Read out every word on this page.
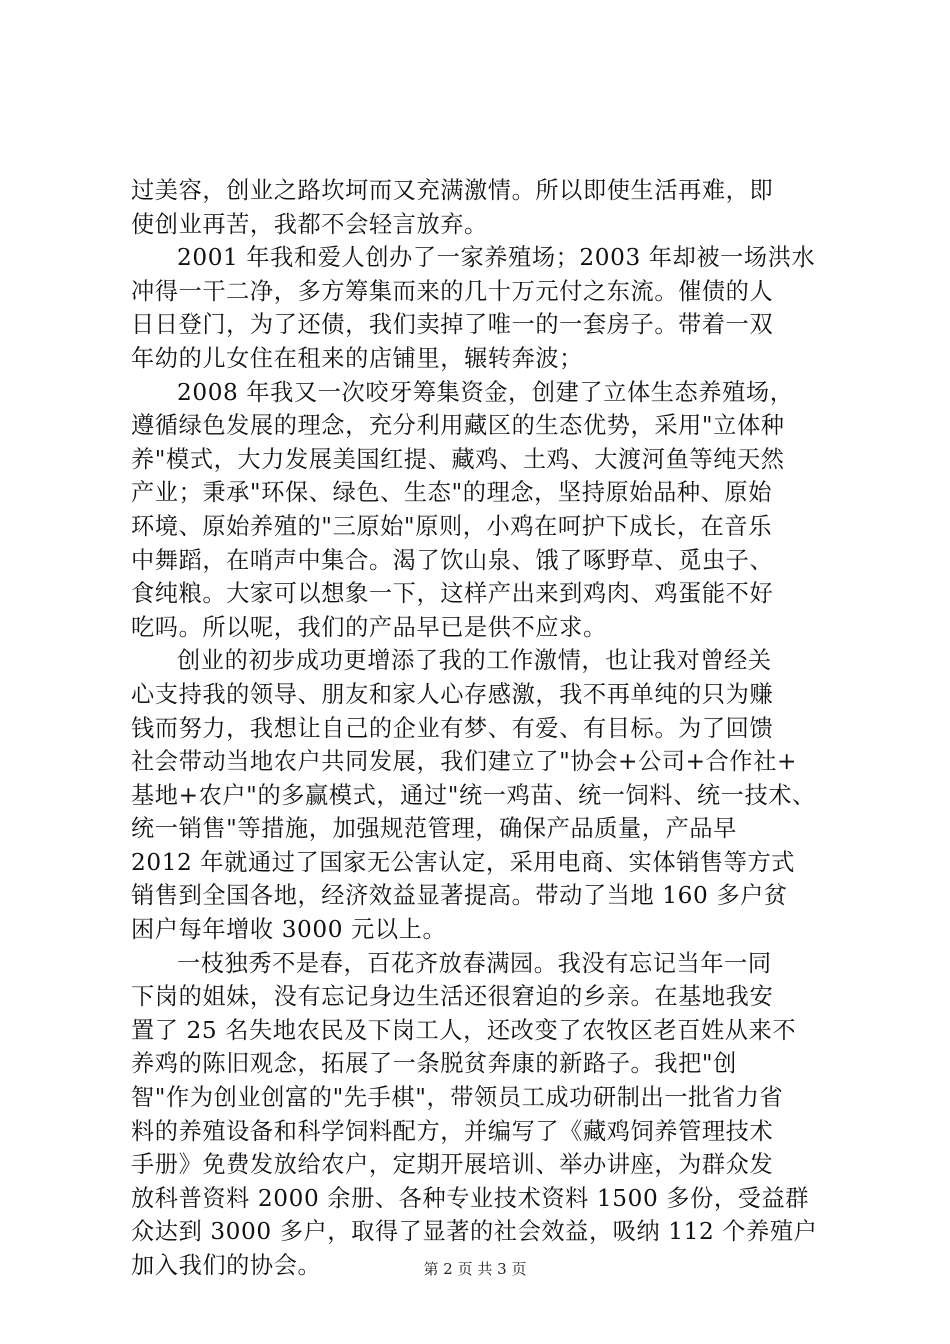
过美容，创业之路坎坷而又充满激情。所以即使生活再难，即
使创业再苦，我都不会轻言放弃。
2001 年我和爱人创办了一家养殖场；2003 年却被一场洪水
冲得一干二净，多方筹集而来的几十万元付之东流。催债的人
日日登门，为了还债，我们卖掉了唯一的一套房子。带着一双
年幼的儿女住在租来的店铺里，辗转奔波；
2008 年我又一次咬牙筹集资金，创建了立体生态养殖场，
遵循绿色发展的理念，充分利用藏区的生态优势，采用"立体种
养"模式，大力发展美国红提、藏鸡、土鸡、大渡河鱼等纯天然
产业；秉承"环保、绿色、生态"的理念，坚持原始品种、原始
环境、原始养殖的"三原始"原则，小鸡在呵护下成长，在音乐
中舞蹈，在哨声中集合。渴了饮山泉、饿了啄野草、觅虫子、
食纯粮。大家可以想象一下，这样产出来到鸡肉、鸡蛋能不好
吃吗。所以呢，我们的产品早已是供不应求。
创业的初步成功更增添了我的工作激情，也让我对曾经关
心支持我的领导、朋友和家人心存感激，我不再单纯的只为赚
钱而努力，我想让自己的企业有梦、有爱、有目标。为了回馈
社会带动当地农户共同发展，我们建立了"协会+公司+合作社+
基地+农户"的多赢模式，通过"统一鸡苗、统一饲料、统一技术、
统一销售"等措施，加强规范管理，确保产品质量，产品早
2012 年就通过了国家无公害认定，采用电商、实体销售等方式
销售到全国各地，经济效益显著提高。带动了当地 160 多户贫
困户每年增收 3000 元以上。
一枝独秀不是春，百花齐放春满园。我没有忘记当年一同
下岗的姐妹，没有忘记身边生活还很窘迫的乡亲。在基地我安
置了 25 名失地农民及下岗工人，还改变了农牧区老百姓从来不
养鸡的陈旧观念，拓展了一条脱贫奔康的新路子。我把"创
智"作为创业创富的"先手棋"，带领员工成功研制出一批省力省
料的养殖设备和科学饲料配方，并编写了《藏鸡饲养管理技术
手册》免费发放给农户，定期开展培训、举办讲座，为群众发
放科普资料 2000 余册、各种专业技术资料 1500 多份，受益群
众达到 3000 多户，取得了显著的社会效益，吸纳 112 个养殖户
加入我们的协会。	第 2 页 共 3 页
